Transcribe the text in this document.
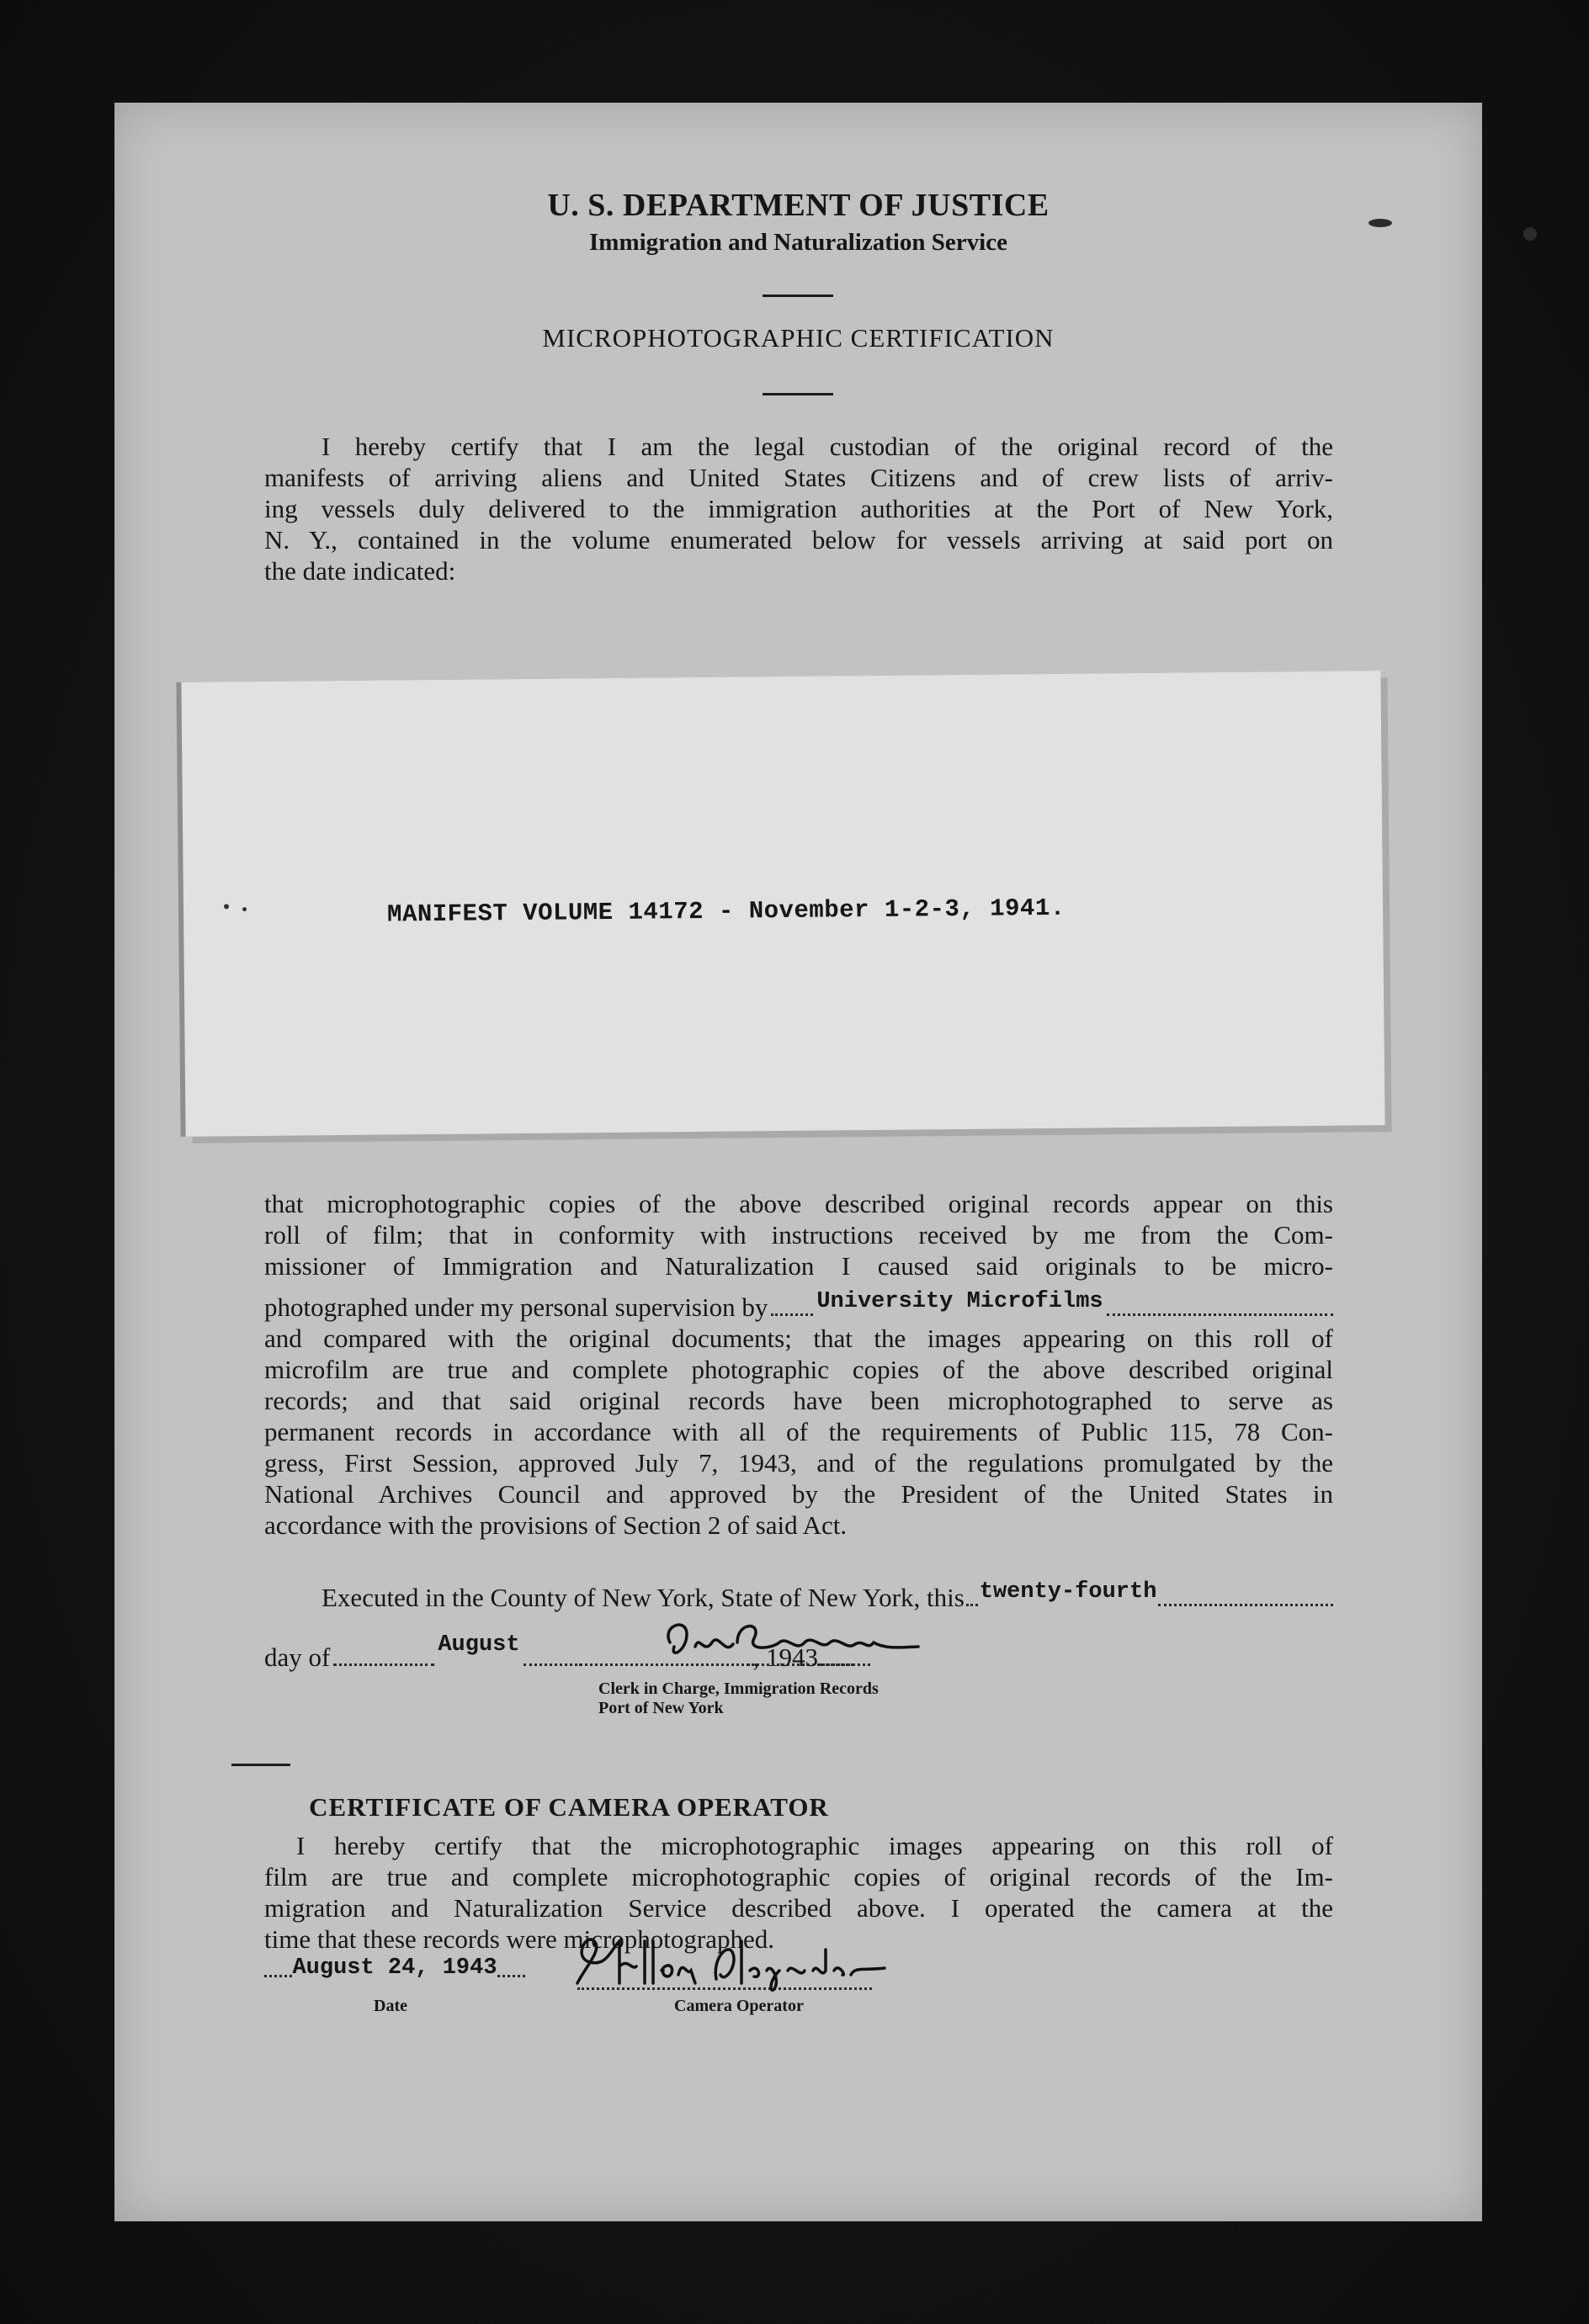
U. S. DEPARTMENT OF JUSTICE
Immigration and Naturalization Service
MICROPHOTOGRAPHIC CERTIFICATION
I hereby certify that I am the legal custodian of the original record of the
manifests of arriving aliens and United States Citizens and of crew lists of arriv-
ing vessels duly delivered to the immigration authorities at the Port of New York,
N. Y., contained in the volume enumerated below for vessels arriving at said port on
the date indicated:
MANIFEST VOLUME 14172 - November 1-2-3, 1941.
that microphotographic copies of the above described original records appear on this
roll of film; that in conformity with instructions received by me from the Com-
missioner of Immigration and Naturalization I caused said originals to be micro-
photographed under my personal supervision by University Microfilms
and compared with the original documents; that the images appearing on this roll of
microfilm are true and complete photographic copies of the above described original
records; and that said original records have been microphotographed to serve as
permanent records in accordance with all of the requirements of Public 115, 78 Con-
gress, First Session, approved July 7, 1943, and of the regulations promulgated by the
National Archives Council and approved by the President of the United States in
accordance with the provisions of Section 2 of said Act.
Executed in the County of New York, State of New York, this twenty-fourth
day of	August	, 1943
Clerk in Charge, Immigration Records
Port of New York
CERTIFICATE OF CAMERA OPERATOR
I hereby certify that the microphotographic images appearing on this roll of
film are true and complete microphotographic copies of original records of the Im-
migration and Naturalization Service described above. I operated the camera at the
time that these records were microphotographed.
August 24, 1943
Date	Camera Operator
